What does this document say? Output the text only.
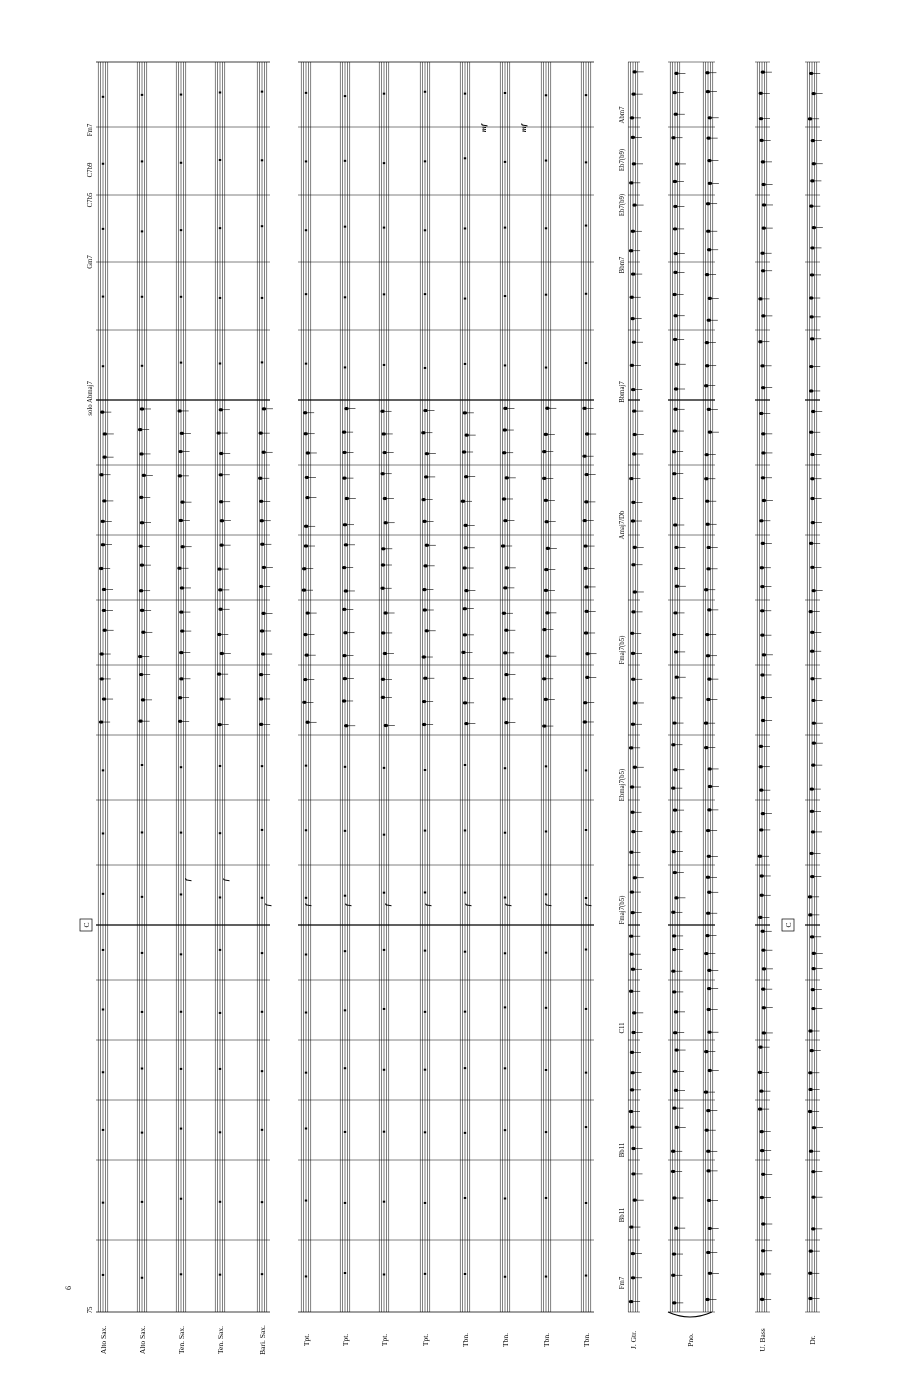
6
Alto Sax.	Alto Sax.	Ten. Sax.	Ten. Sax.	Bari. Sax.	Tpt.	Tpt.	Tpt.	Tpt.	Tbn.	Tbn.	Tbn.	Tbn.	J. Gtr.	Pno.	U. Bass	Dr.
Abmaj7
Gm7
C7b5
C7b9
Fm7
Fm7
Bb11
Bb11
C11
Fmaj7(b5)
Ebmaj7(b5)
Fmaj7(b5)
Amaj7/Db
Bbmaj7
Bbm7
Eb7(b9)
Eb7(b9)
Abm7
solo
75
C	C
f	f
f	f	f	f	f	f	f	f	f
mf	mf
